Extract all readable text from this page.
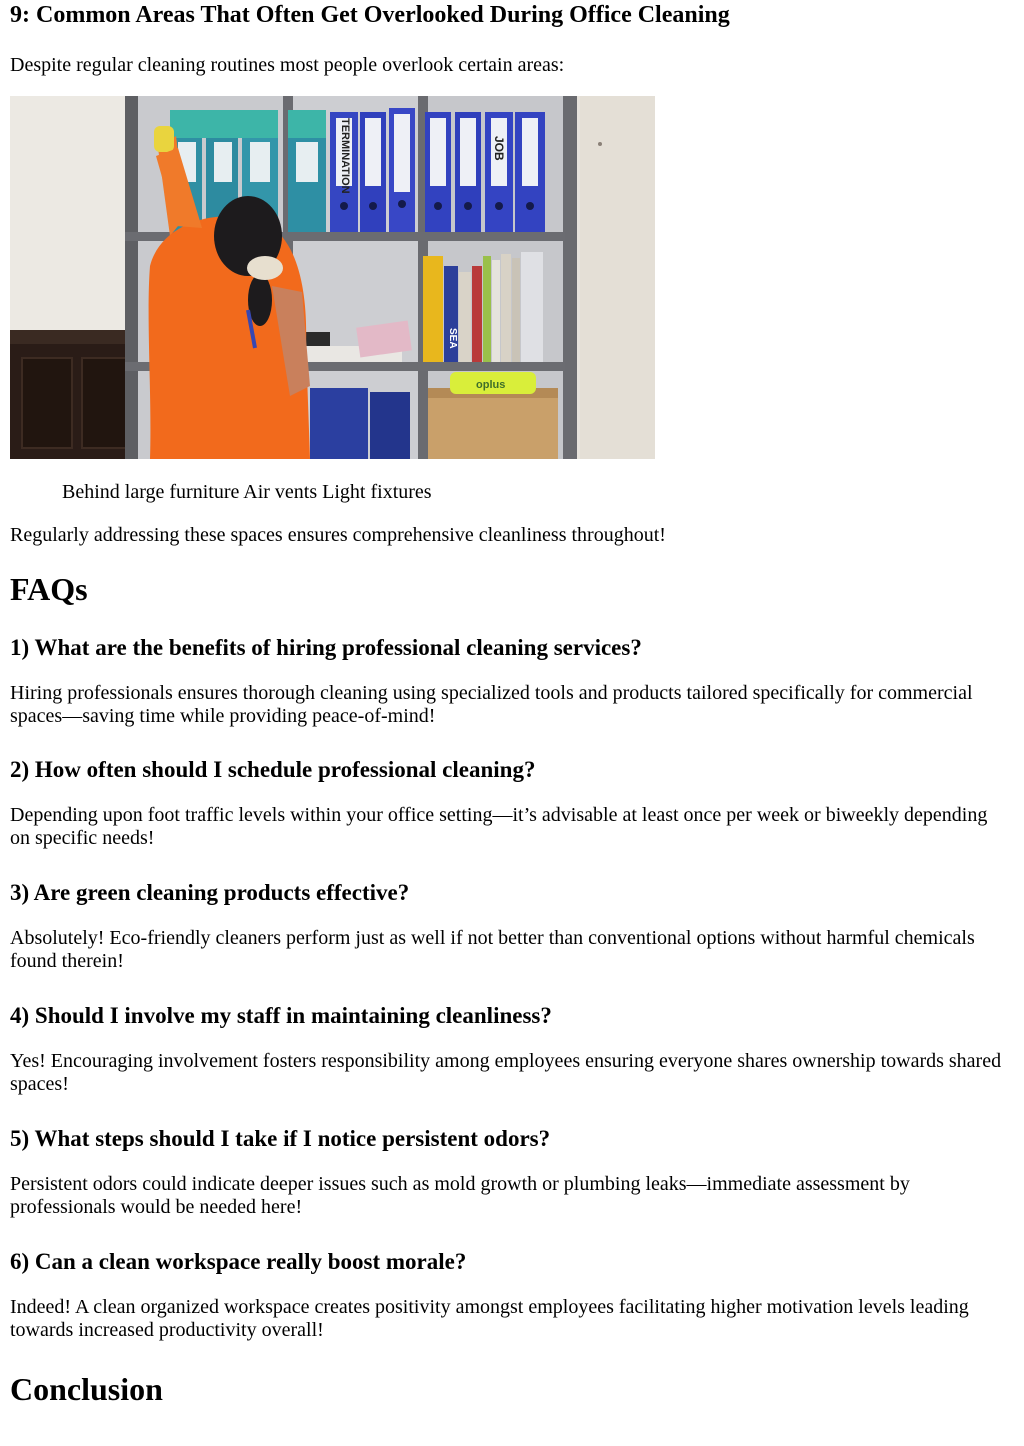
9: Common Areas That Often Get Overlooked During Office Cleaning

Despite regular cleaning routines most people overlook certain areas:

TERMINATION	JOB
SEA
oplus
Behind large furniture Air vents Light fixtures

Regularly addressing these spaces ensures comprehensive cleanliness throughout!

FAQs
1) What are the benefits of hiring professional cleaning services?

Hiring professionals ensures thorough cleaning using specialized tools and products tailored specifically for commercial spaces—saving time while providing peace-of-mind!

2) How often should I schedule professional cleaning?

Depending upon foot traffic levels within your office setting—it’s advisable at least once per week or biweekly depending on specific needs!

3) Are green cleaning products effective?

Absolutely! Eco-friendly cleaners perform just as well if not better than conventional options without harmful chemicals found therein!

4) Should I involve my staff in maintaining cleanliness?

Yes! Encouraging involvement fosters responsibility among employees ensuring everyone shares ownership towards shared spaces!

5) What steps should I take if I notice persistent odors?

Persistent odors could indicate deeper issues such as mold growth or plumbing leaks—immediate assessment by professionals would be needed here!

6) Can a clean workspace really boost morale?

Indeed! A clean organized workspace creates positivity amongst employees facilitating higher motivation levels leading towards increased productivity overall!

Conclusion
